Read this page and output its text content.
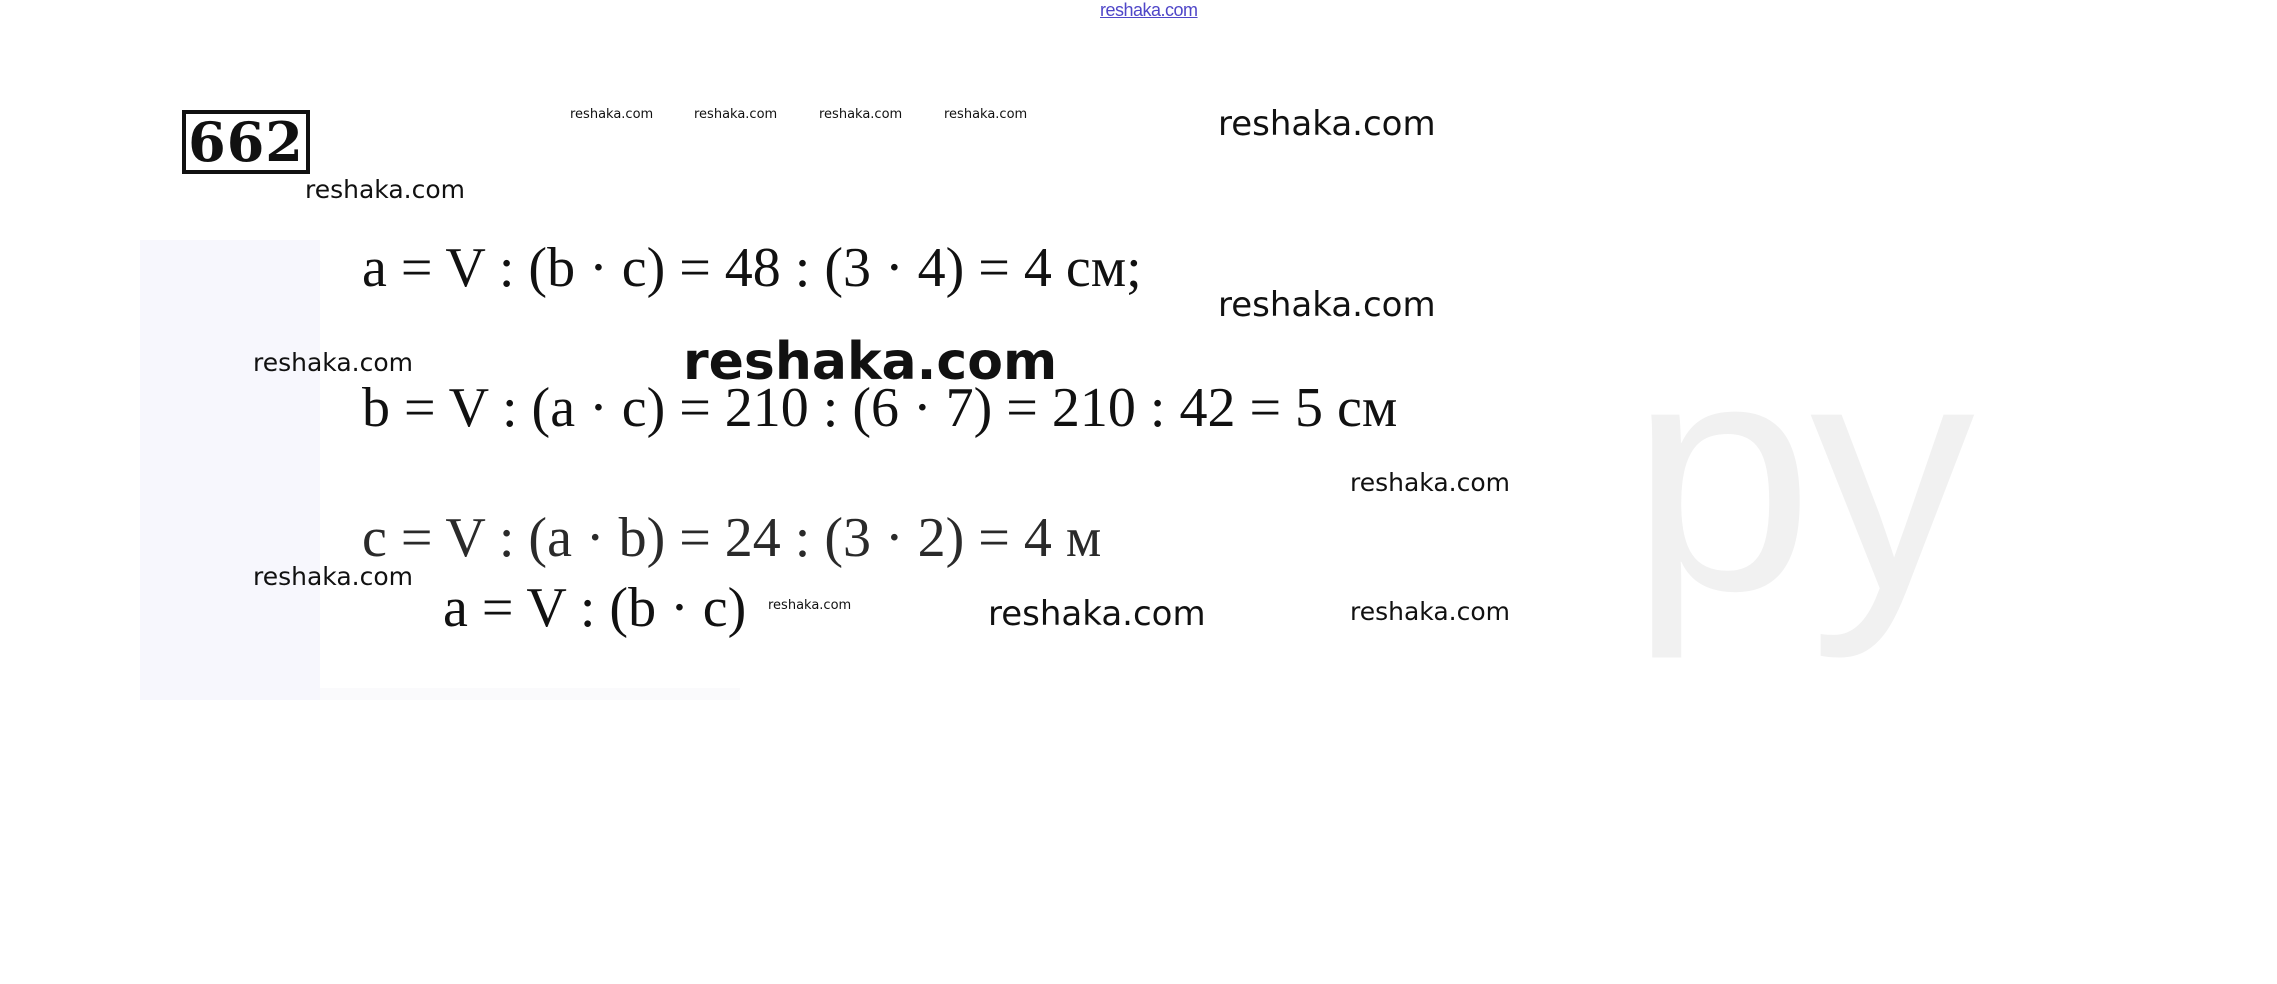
ру
reshaka.com
662	reshaka.com	reshaka.com	reshaka.com	reshaka.com	reshaka.com
reshaka.com
reshaka.com
reshaka.com	reshaka.com
reshaka.com
reshaka.com
reshaka.com	reshaka.com
reshaka.com
a = V : (b · c) = 48 : (3 · 4) = 4 см;
b = V : (a · c) = 210 : (6 · 7) = 210 : 42 = 5 см
c = V : (a · b) = 24 : (3 · 2) = 4 м
a = V : (b · c)
